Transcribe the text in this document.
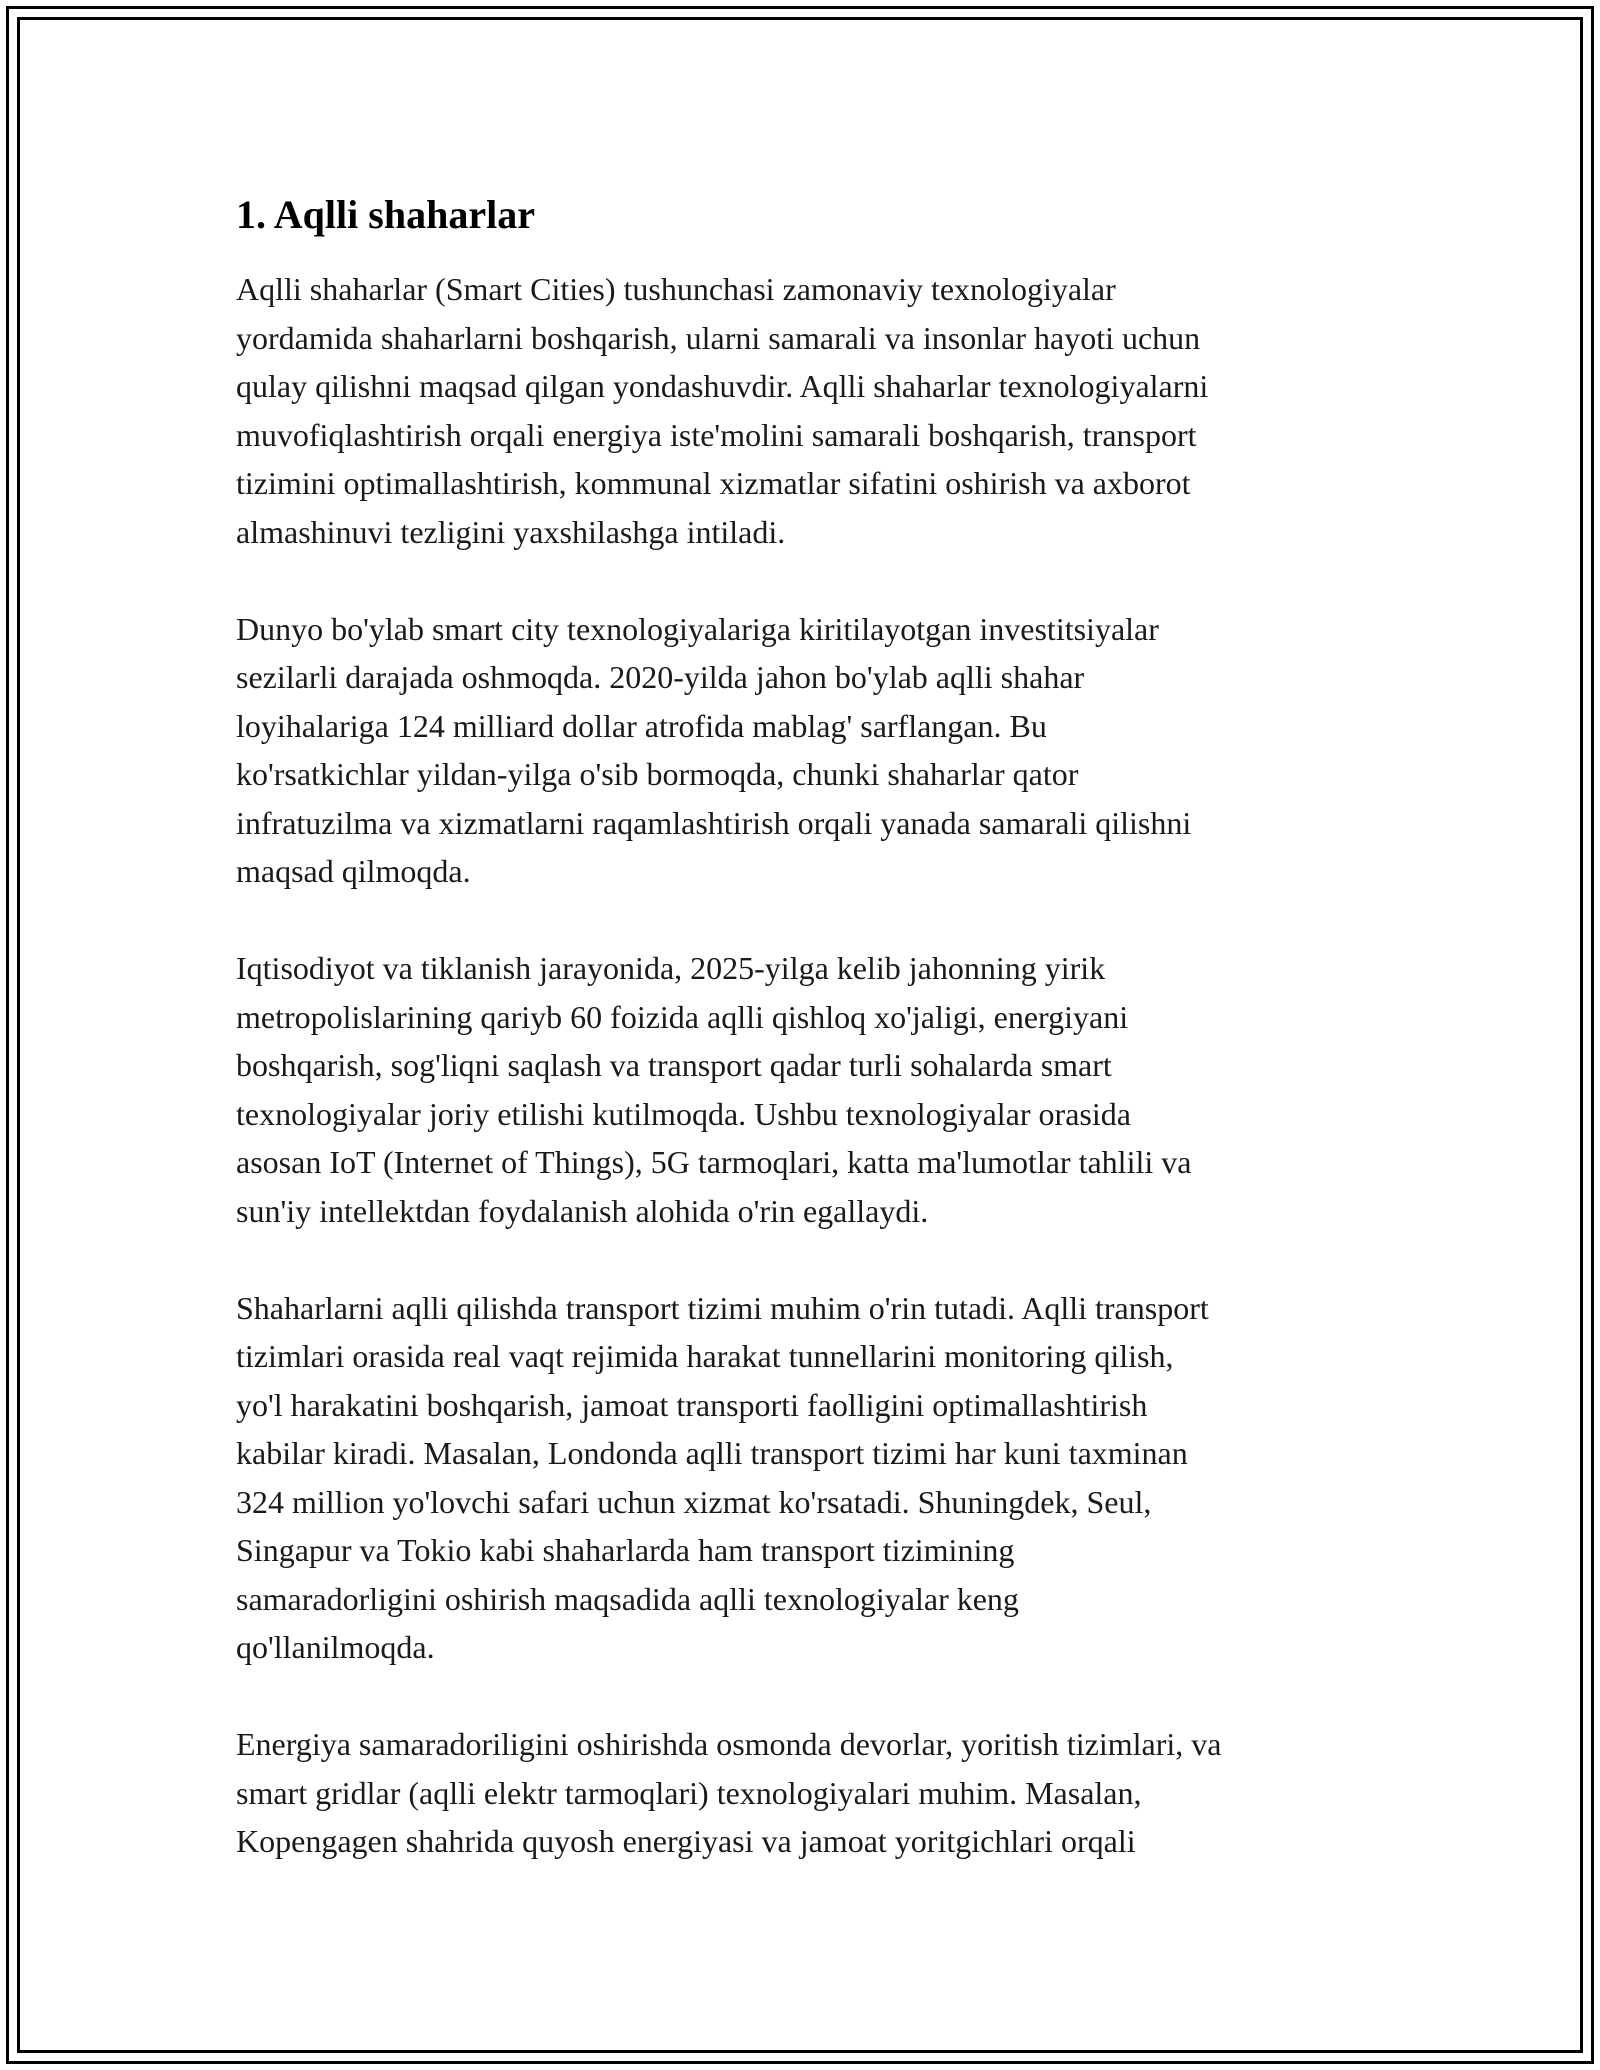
1. Aqlli shaharlar

Aqlli shaharlar (Smart Cities) tushunchasi zamonaviy texnologiyalar
yordamida shaharlarni boshqarish, ularni samarali va insonlar hayoti uchun
qulay qilishni maqsad qilgan yondashuvdir. Aqlli shaharlar texnologiyalarni
muvofiqlashtirish orqali energiya iste'molini samarali boshqarish, transport
tizimini optimallashtirish, kommunal xizmatlar sifatini oshirish va axborot
almashinuvi tezligini yaxshilashga intiladi.

Dunyo bo'ylab smart city texnologiyalariga kiritilayotgan investitsiyalar
sezilarli darajada oshmoqda. 2020-yilda jahon bo'ylab aqlli shahar
loyihalariga 124 milliard dollar atrofida mablag' sarflangan. Bu
ko'rsatkichlar yildan-yilga o'sib bormoqda, chunki shaharlar qator
infratuzilma va xizmatlarni raqamlashtirish orqali yanada samarali qilishni
maqsad qilmoqda.

Iqtisodiyot va tiklanish jarayonida, 2025-yilga kelib jahonning yirik
metropolislarining qariyb 60 foizida aqlli qishloq xo'jaligi, energiyani
boshqarish, sog'liqni saqlash va transport qadar turli sohalarda smart
texnologiyalar joriy etilishi kutilmoqda. Ushbu texnologiyalar orasida
asosan IoT (Internet of Things), 5G tarmoqlari, katta ma'lumotlar tahlili va
sun'iy intellektdan foydalanish alohida o'rin egallaydi.

Shaharlarni aqlli qilishda transport tizimi muhim o'rin tutadi. Aqlli transport
tizimlari orasida real vaqt rejimida harakat tunnellarini monitoring qilish,
yo'l harakatini boshqarish, jamoat transporti faolligini optimallashtirish
kabilar kiradi. Masalan, Londonda aqlli transport tizimi har kuni taxminan
324 million yo'lovchi safari uchun xizmat ko'rsatadi. Shuningdek, Seul,
Singapur va Tokio kabi shaharlarda ham transport tizimining
samaradorligini oshirish maqsadida aqlli texnologiyalar keng
qo'llanilmoqda.

Energiya samaradoriligini oshirishda osmonda devorlar, yoritish tizimlari, va
smart gridlar (aqlli elektr tarmoqlari) texnologiyalari muhim. Masalan,
Kopengagen shahrida quyosh energiyasi va jamoat yoritgichlari orqali
